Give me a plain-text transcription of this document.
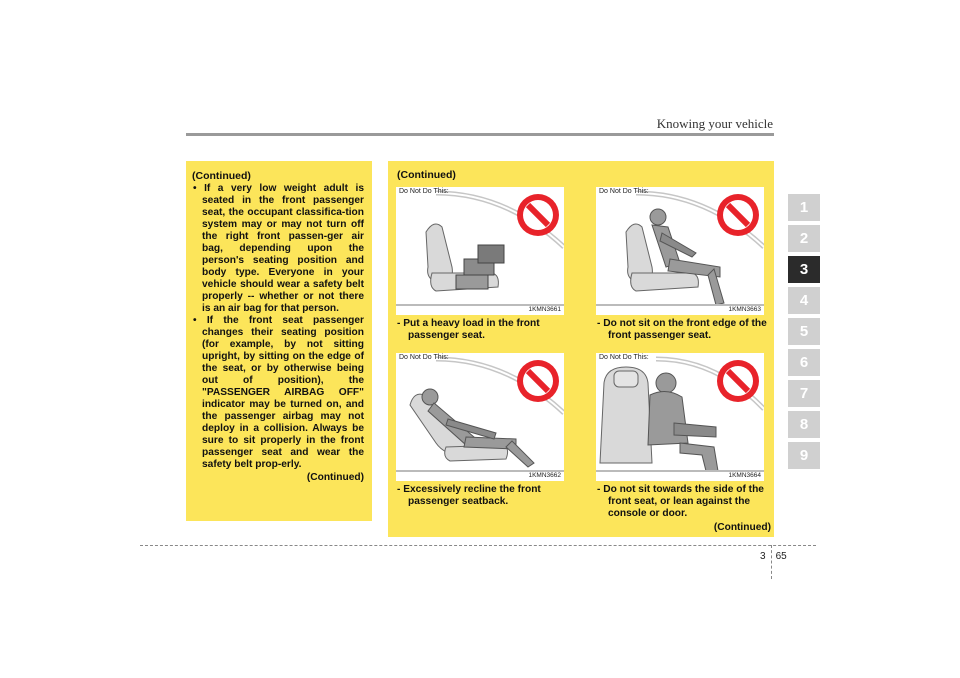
Knowing your vehicle
1
2
3
4
5
6
7
8
9
(Continued)

• If a very low weight adult is seated in the front passenger seat, the occupant classifica-tion system may or may not turn off the right front passen-ger air bag, depending upon the person's seating position and body type. Everyone in your vehicle should wear a safety belt properly -- whether or not there is an air bag for that person.

• If the front seat passenger changes their seating position (for example, by not sitting upright, by sitting on the edge of the seat, or by otherwise being out of position), the "PASSENGER AIRBAG OFF" indicator may be turned on, and the passenger airbag may not deploy in a collision. Always be sure to sit properly in the front passenger seat and wear the safety belt prop-erly.

(Continued)
(Continued)
Do Not Do This:
1KMN3661
Do Not Do This:
1KMN3663
- Put a heavy load in the front passenger seat.
- Do not sit on the front edge of the front passenger seat.
Do Not Do This:
1KMN3662
Do Not Do This:
1KMN3664
- Excessively recline the front passenger seatback.
- Do not sit towards the side of the front seat, or lean against the console or door.
(Continued)
3 65
